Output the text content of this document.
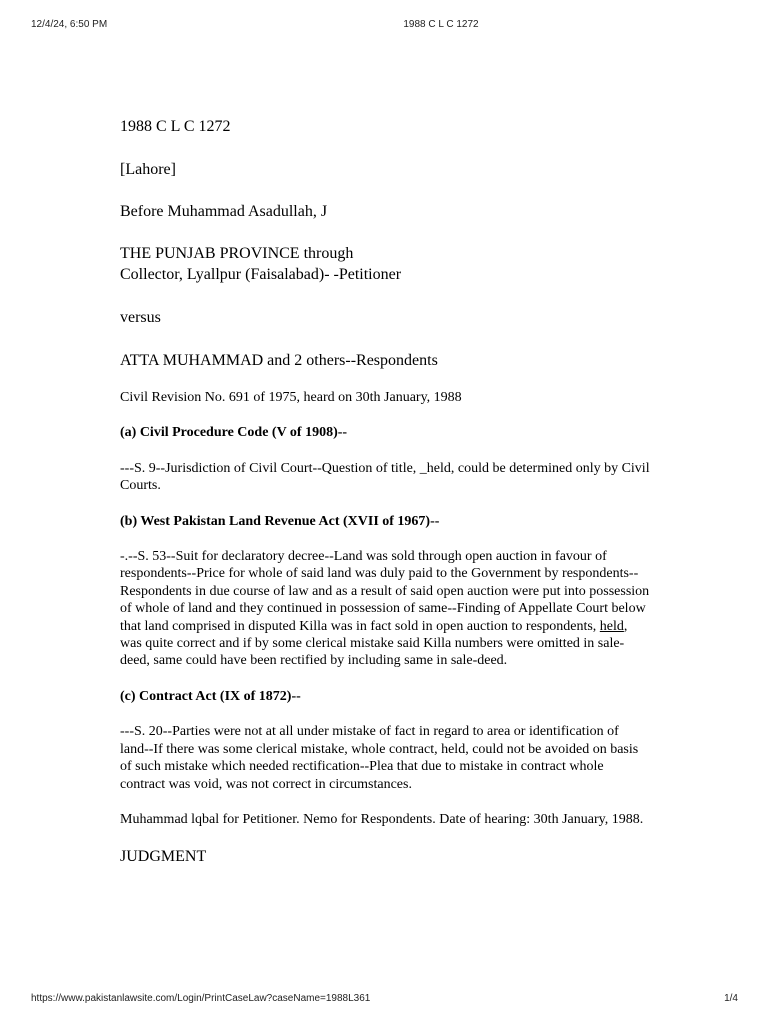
12/4/24, 6:50 PM	1988 C L C 1272

1988 C L C 1272

[Lahore]

Before Muhammad Asadullah, J

THE PUNJAB PROVINCE through

Collector, Lyallpur (Faisalabad)- -Petitioner

versus

ATTA MUHAMMAD and 2 others--Respondents

Civil Revision No. 691 of 1975, heard on 30th January, 1988

(a) Civil Procedure Code (V of 1908)--

---S. 9--Jurisdiction of Civil Court--Question of title, _held, could be determined only by Civil Courts.

(b) West Pakistan Land Revenue Act (XVII of 1967)--

-.--S. 53--Suit for declaratory decree--Land was sold through open auction in favour of respondents--Price for whole of said land was duly paid to the Government by respondents--Respondents in due course of law and as a result of said open auction were put into possession of whole of land and they continued in possession of same--Finding of Appellate Court below that land comprised in disputed Killa was in fact sold in open auction to respondents, held, was quite correct and if by some clerical mistake said Killa numbers were omitted in sale-deed, same could have been rectified by including same in sale-deed.

(c) Contract Act (IX of 1872)--

---S. 20--Parties were not at all under mistake of fact in regard to area or identification of land--If there was some clerical mistake, whole contract, held, could not be avoided on basis of such mistake which needed rectification--Plea that due to mistake in contract whole contract was void, was not correct in circumstances.

Muhammad lqbal for Petitioner. Nemo for Respondents. Date of hearing: 30th January, 1988.

JUDGMENT

https://www.pakistanlawsite.com/Login/PrintCaseLaw?caseName=1988L361	1/4
